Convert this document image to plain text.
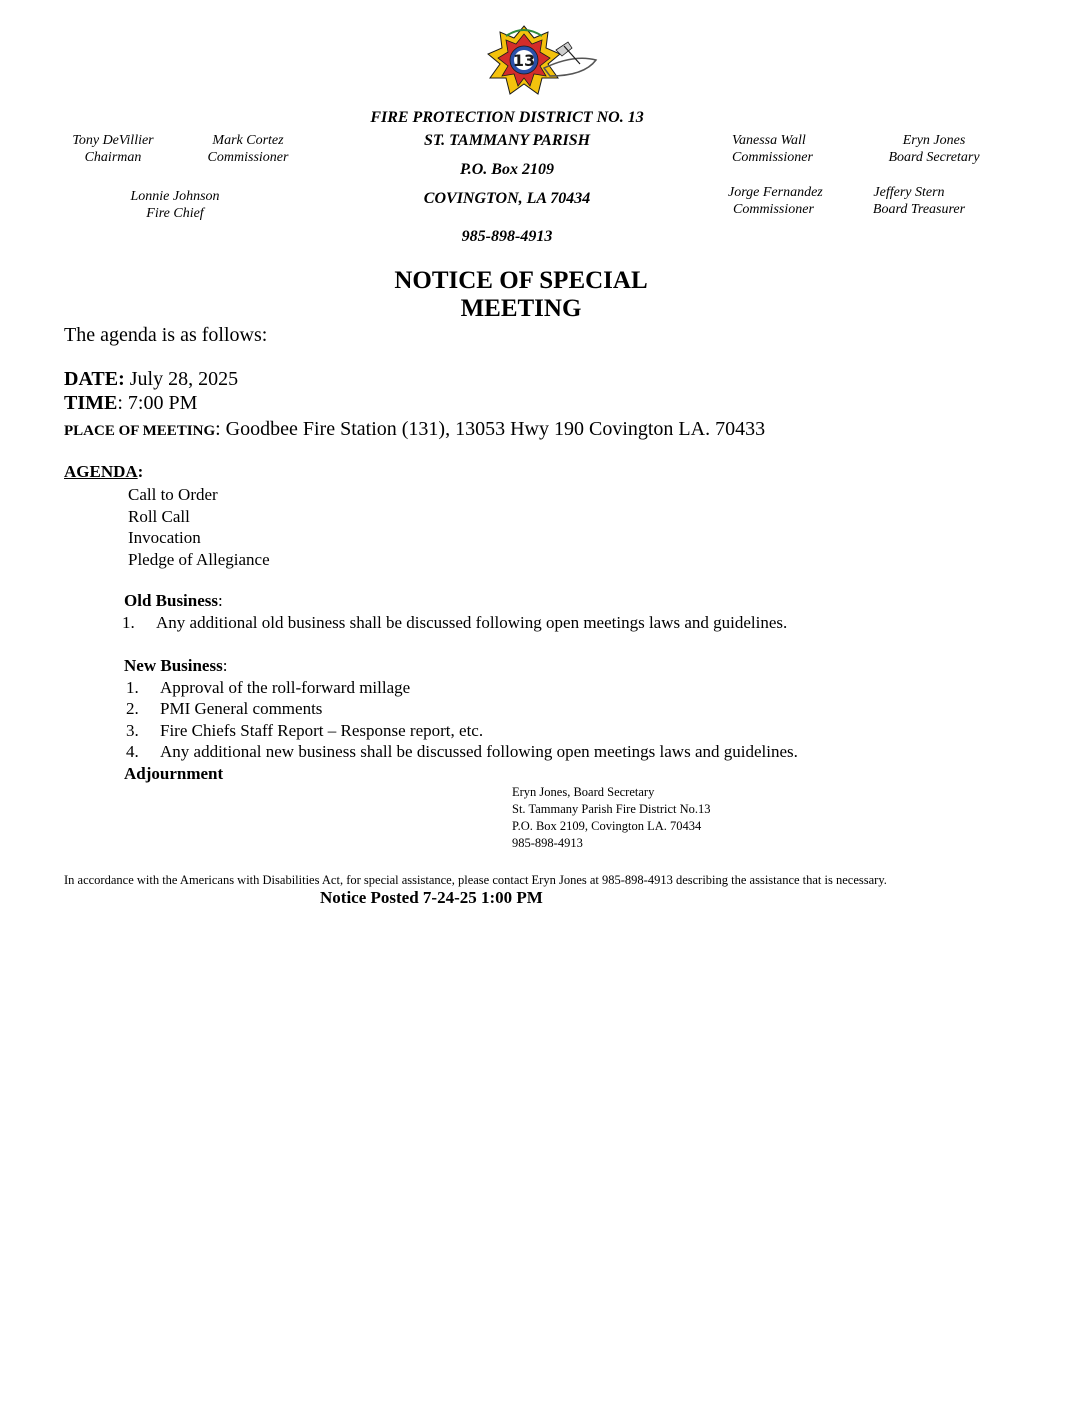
13
FIRE PROTECTION DISTRICT NO. 13
ST. TAMMANY PARISH
P.O. Box 2109
COVINGTON, LA 70434
985-898-4913
Tony DeVillier
Chairman
Mark Cortez
Commissioner
Lonnie Johnson
Fire Chief
Vanessa Wall
Commissioner
Eryn Jones
Board Secretary
Jorge Fernandez
Commissioner
Jeffery Stern
Board Treasurer
NOTICE OF SPECIAL
MEETING
The agenda is as follows:
DATE: July 28, 2025
TIME: 7:00 PM
PLACE OF MEETING: Goodbee Fire Station (131), 13053 Hwy 190 Covington LA. 70433
AGENDA:
Call to Order
Roll Call
Invocation
Pledge of Allegiance
Old Business:
1. Any additional old business shall be discussed following open meetings laws and guidelines.
New Business:
1. Approval of the roll-forward millage
2. PMI General comments
3. Fire Chiefs Staff Report – Response report, etc.
4. Any additional new business shall be discussed following open meetings laws and guidelines.
Adjournment
Eryn Jones, Board Secretary
St. Tammany Parish Fire District No.13
P.O. Box 2109, Covington LA. 70434
985-898-4913
In accordance with the Americans with Disabilities Act, for special assistance, please contact Eryn Jones at 985-898-4913 describing the assistance that is necessary.
Notice Posted 7-24-25 1:00 PM
